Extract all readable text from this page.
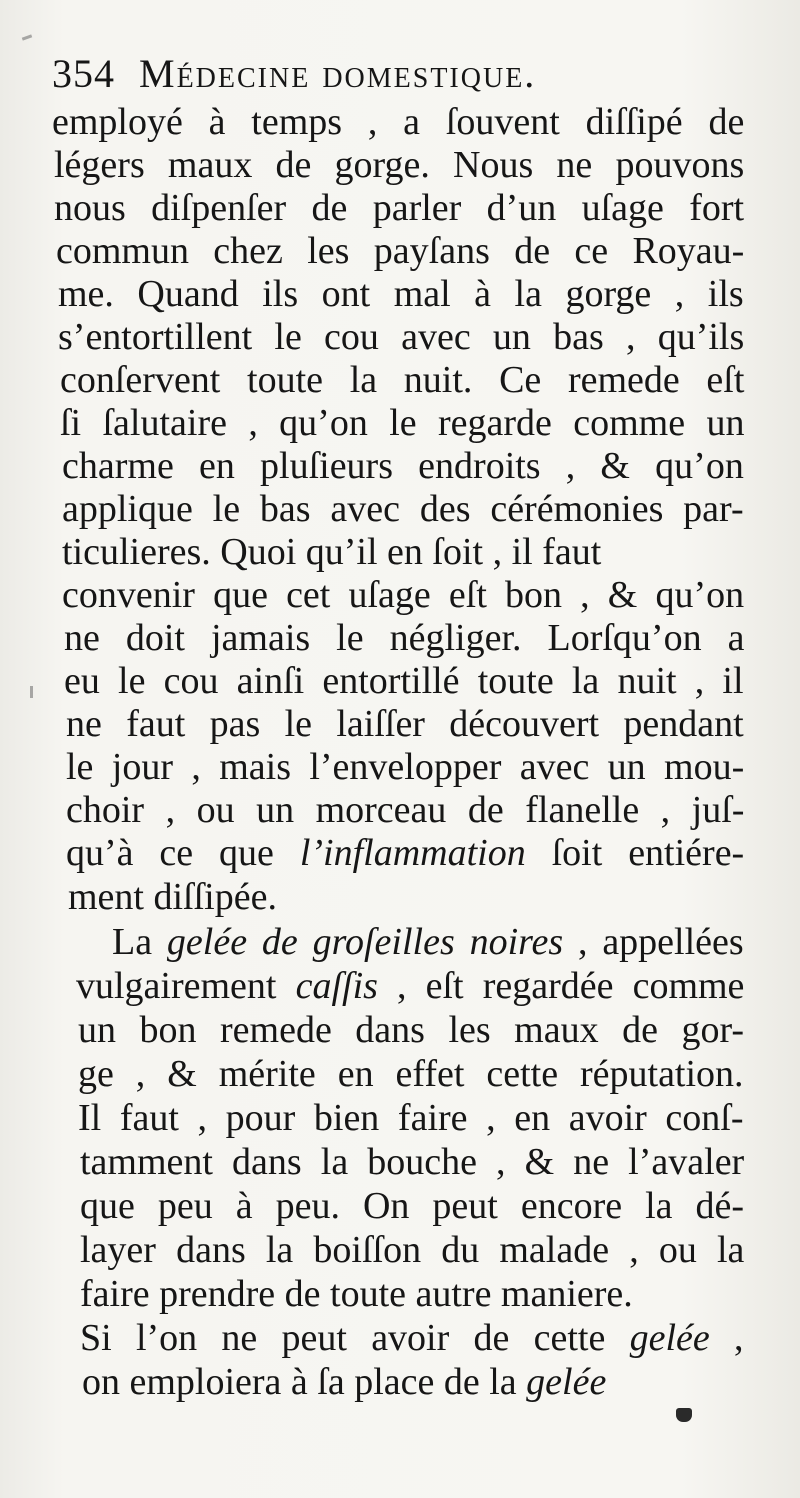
354 Médecine domestique.
employé à temps , a ſouvent diſſipé de
légers maux de gorge. Nous ne pouvons
nous diſpenſer de parler d’un uſage fort
commun chez les payſans de ce Royau-
me. Quand ils ont mal à la gorge , ils
s’entortillent le cou avec un bas , qu’ils
conſervent toute la nuit. Ce remede eſt
ſi ſalutaire , qu’on le regarde comme un
charme en pluſieurs endroits , & qu’on
applique le bas avec des cérémonies par-
ticulieres. Quoi qu’il en ſoit , il faut
convenir que cet uſage eſt bon , & qu’on
ne doit jamais le négliger. Lorſqu’on a
eu le cou ainſi entortillé toute la nuit , il
ne faut pas le laiſſer découvert pendant
le jour , mais l’envelopper avec un mou-
choir , ou un morceau de flanelle , juſ-
qu’à ce que l’inflammation ſoit entiére-
ment diſſipée.
La gelée de groſeilles noires , appellées
vulgairement caſſis , eſt regardée comme
un bon remede dans les maux de gor-
ge , & mérite en effet cette réputation.
Il faut , pour bien faire , en avoir conſ-
tamment dans la bouche , & ne l’avaler
que peu à peu. On peut encore la dé-
layer dans la boiſſon du malade , ou la
faire prendre de toute autre maniere.
Si l’on ne peut avoir de cette gelée ,
on emploiera à ſa place de la gelée
